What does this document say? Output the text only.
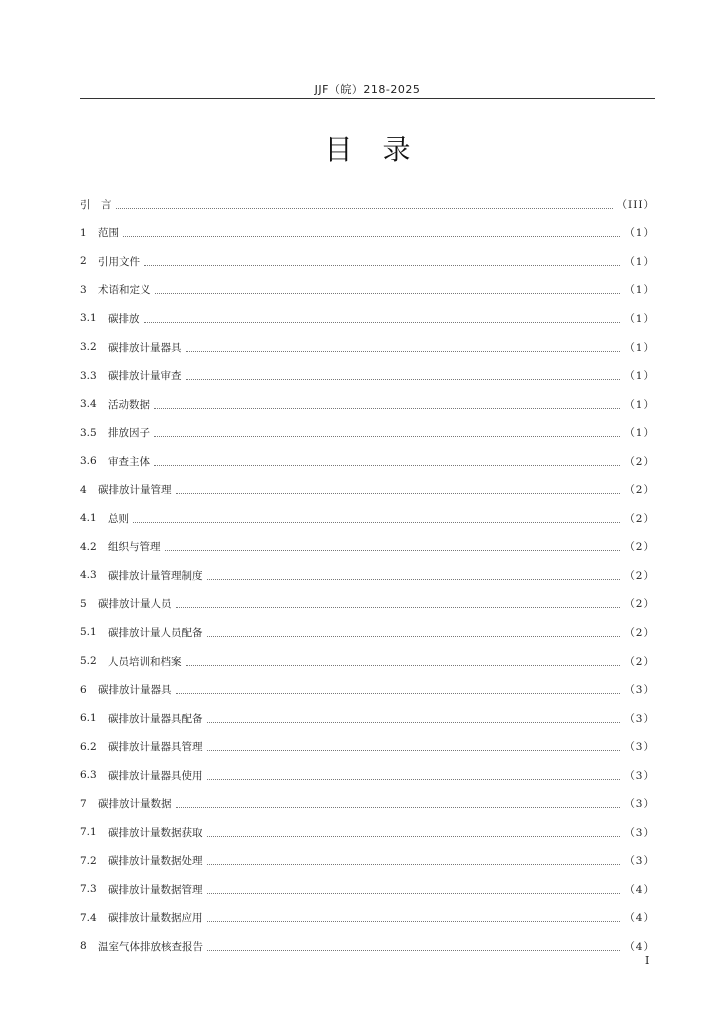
JJF（皖）218-2025
目录
引　言	（III）
1	范围	（1）
2	引用文件	（1）
3	术语和定义	（1）
3.1	碳排放	（1）
3.2	碳排放计量器具	（1）
3.3	碳排放计量审查	（1）
3.4	活动数据	（1）
3.5	排放因子	（1）
3.6	审查主体	（2）
4	碳排放计量管理	（2）
4.1	总则	（2）
4.2	组织与管理	（2）
4.3	碳排放计量管理制度	（2）
5	碳排放计量人员	（2）
5.1	碳排放计量人员配备	（2）
5.2	人员培训和档案	（2）
6	碳排放计量器具	（3）
6.1	碳排放计量器具配备	（3）
6.2	碳排放计量器具管理	（3）
6.3	碳排放计量器具使用	（3）
7	碳排放计量数据	（3）
7.1	碳排放计量数据获取	（3）
7.2	碳排放计量数据处理	（3）
7.3	碳排放计量数据管理	（4）
7.4	碳排放计量数据应用	（4）
8	温室气体排放核查报告	（4）
I
